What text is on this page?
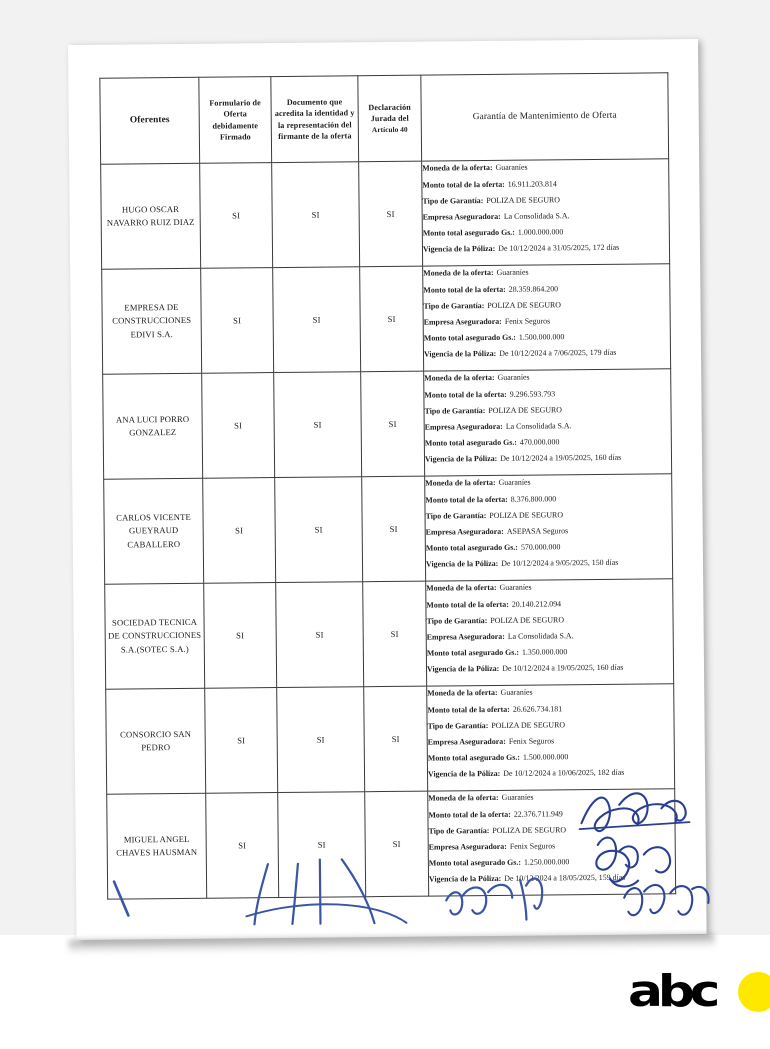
Oferentes	Formulario de Oferta debidamente Firmado	Documento que acredita la identidad y la representación del firmante de la oferta	Declaración Jurada del
Artículo 40	Garantía de Mantenimiento de Oferta
HUGO OSCAR NAVARRO RUIZ DIAZ	SI	SI	SI	
Moneda de la oferta: Guaraníes
Monto total de la oferta: 16.911.203.814
Tipo de Garantía: POLIZA DE SEGURO
Empresa Aseguradora: La Consolidada S.A.
Monto total asegurado Gs.: 1.000.000.000
Vigencia de la Póliza: De 10/12/2024 a 31/05/2025, 172 días

EMPRESA DE CONSTRUCCIONES EDIVI S.A.	SI	SI	SI	
Moneda de la oferta: Guaraníes
Monto total de la oferta: 28.359.864.200
Tipo de Garantía: POLIZA DE SEGURO
Empresa Aseguradora: Fenix Seguros
Monto total asegurado Gs.: 1.500.000.000
Vigencia de la Póliza: De 10/12/2024 a 7/06/2025, 179 días

ANA LUCI PORRO GONZALEZ	SI	SI	SI	
Moneda de la oferta: Guaraníes
Monto total de la oferta: 9.296.593.793
Tipo de Garantía: POLIZA DE SEGURO
Empresa Aseguradora: La Consolidada S.A.
Monto total asegurado Gs.: 470.000.000
Vigencia de la Póliza: De 10/12/2024 a 19/05/2025, 160 días

CARLOS VICENTE GUEYRAUD CABALLERO	SI	SI	SI	
Moneda de la oferta: Guaraníes
Monto total de la oferta: 8.376.800.000
Tipo de Garantía: POLIZA DE SEGURO
Empresa Aseguradora: ASEPASA Seguros
Monto total asegurado Gs.: 570.000.000
Vigencia de la Póliza: De 10/12/2024 a 9/05/2025, 150 días

SOCIEDAD TECNICA DE CONSTRUCCIONES S.A.(SOTEC S.A.)	SI	SI	SI	
Moneda de la oferta: Guaraníes
Monto total de la oferta: 20.140.212.094
Tipo de Garantía: POLIZA DE SEGURO
Empresa Aseguradora: La Consolidada S.A.
Monto total asegurado Gs.: 1.350.000.000
Vigencia de la Póliza: De 10/12/2024 a 19/05/2025, 160 días

CONSORCIO SAN PEDRO	SI	SI	SI	
Moneda de la oferta: Guaraníes
Monto total de la oferta: 26.626.734.181
Tipo de Garantía: POLIZA DE SEGURO
Empresa Aseguradora: Fenix Seguros
Monto total asegurado Gs.: 1.500.000.000
Vigencia de la Póliza: De 10/12/2024 a 10/06/2025, 182 días

MIGUEL ANGEL CHAVES HAUSMAN	SI	SI	SI	
Moneda de la oferta: Guaraníes
Monto total de la oferta: 22.376.711.949
Tipo de Garantía: POLIZA DE SEGURO
Empresa Aseguradora: Fenix Seguros
Monto total asegurado Gs.: 1.250.000.000
Vigencia de la Póliza: De 10/12/2024 a 18/05/2025, 159 días
abc
